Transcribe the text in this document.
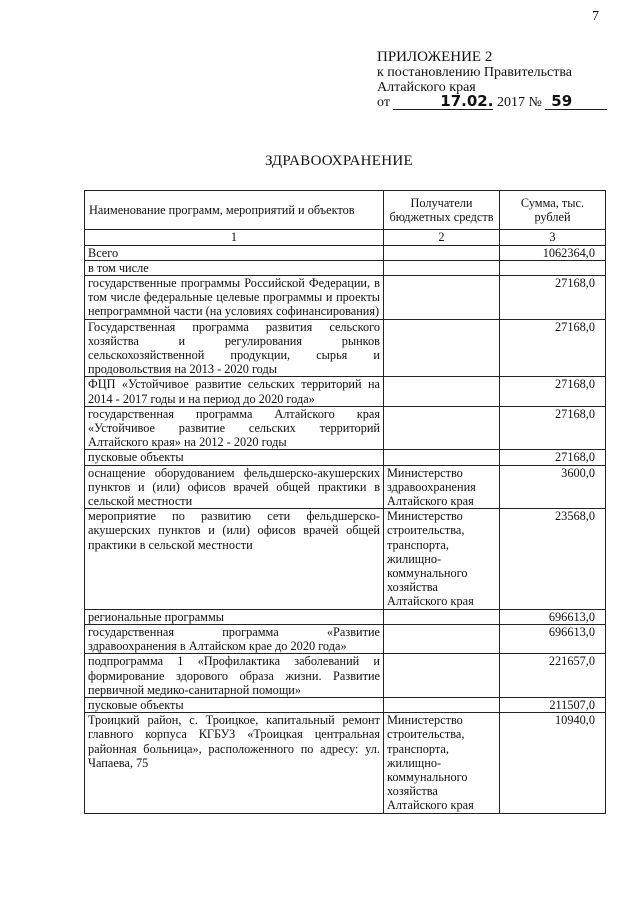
7
ПРИЛОЖЕНИЕ 2
к постановлению Правительства
Алтайского края
от	17.02. 2017 № 59
ЗДРАВООХРАНЕНИЕ
Наименование программ, мероприятий и объектов	Получатели бюджетных средств	Сумма, тыс. рублей
1	2	3
Всего		1062364,0
в том числе		
государственные программы Российской Федерации, в том числе федеральные целевые программы и проекты непрограммной части (на условиях софинансирования)		27168,0
Государственная программа развития сельского хозяйства и регулирования рынков сельскохозяйственной продукции, сырья и продовольствия на 2013 - 2020 годы		27168,0
ФЦП «Устойчивое развитие сельских территорий на 2014 - 2017 годы и на период до 2020 года»		27168,0
государственная программа Алтайского края «Устойчивое развитие сельских территорий Алтайского края» на 2012 - 2020 годы		27168,0
пусковые объекты		27168,0
оснащение оборудованием фельдшерско-акушерских пунктов и (или) офисов врачей общей практики в сельской местности	Министерство здравоохранения Алтайского края	3600,0
мероприятие по развитию сети фельдшерско-акушерских пунктов и (или) офисов врачей общей практики в сельской местности	Министерство строительства, транспорта, жилищно-коммунального хозяйства Алтайского края	23568,0
региональные программы		696613,0
государственная программа «Развитие здравоохранения в Алтайском крае до 2020 года»		696613,0
подпрограмма 1 «Профилактика заболеваний и формирование здорового образа жизни. Развитие первичной медико-санитарной помощи»		221657,0
пусковые объекты		211507,0
Троицкий район, с. Троицкое, капитальный ремонт главного корпуса КГБУЗ «Троицкая центральная районная больница», расположенного по адресу: ул. Чапаева, 75	Министерство строительства, транспорта, жилищно-коммунального хозяйства Алтайского края	10940,0
